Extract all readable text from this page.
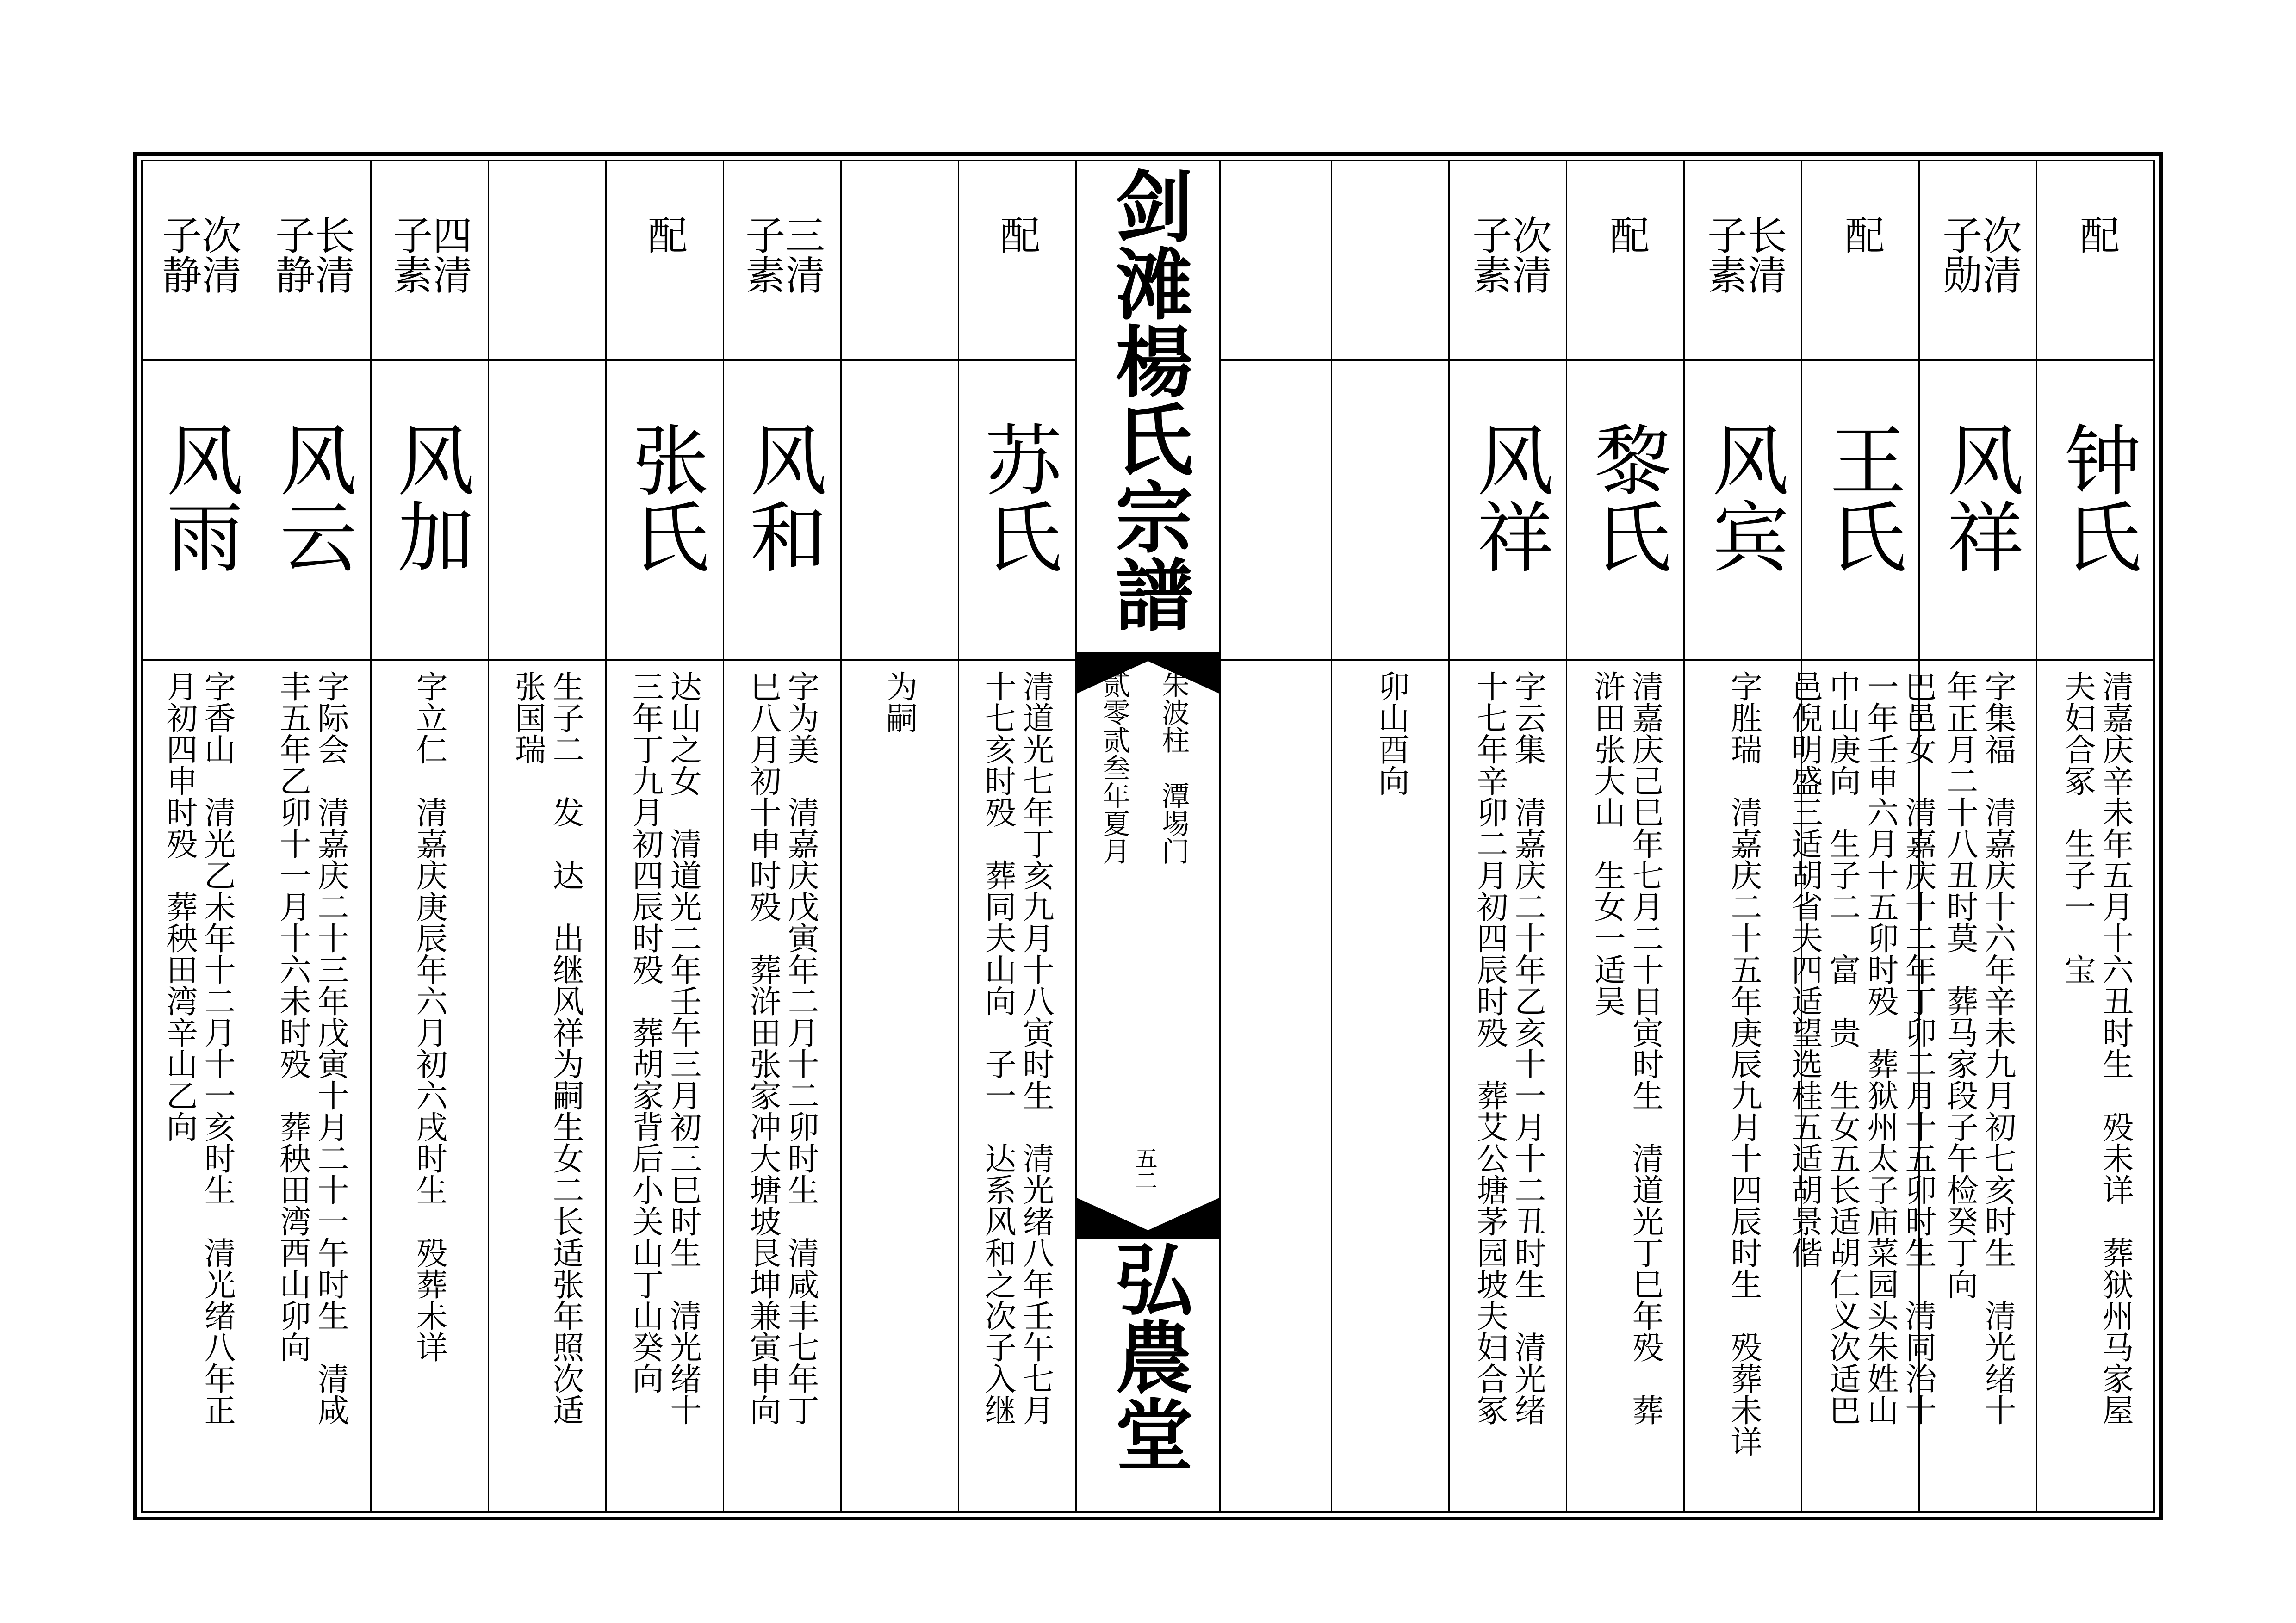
配
钟氏
清嘉庆辛未年五月十六丑时生　殁未详　葬狱州马家屋
夫妇合冢　生子一　宝
次清 子勋
风祥
字集福　清嘉庆十六年辛未九月初七亥时生　清光绪十
年正月二十八丑时莫　葬马家段子午检癸丁向
配
王氏
巴邑女　清嘉庆十二年丁卯二月十五卯时生　清同治十
一年壬申六月十五卯时殁　葬狱州太子庙菜园头朱姓山
中山庚向　生子二　富　贵　生女五长适胡仁义次适巴
邑倪明盛三适胡省夫四适望选桂五适胡景偕
长清 子素
风宾
字胜瑞　清嘉庆二十五年庚辰九月十四辰时生　殁葬未详
配
黎氏
清嘉庆己巳年七月二十日寅时生　清道光丁巳年殁　葬
浒田张大山　生女一适吴
次清 子素
风祥
字云集　清嘉庆二十年乙亥十一月十二丑时生　清光绪
十七年辛卯二月初四辰时殁　葬艾公塘茅园坡夫妇合冢
卯山酉向
剑滩楊氏宗譜
朱波柱　潭埸门
贰零贰叁年夏月
五二
弘農堂
配
苏氏
清道光七年丁亥九月十八寅时生　清光绪八年壬午七月
十七亥时殁　葬同夫山向　子一　达系风和之次子入继
为嗣
三清 子素
风和
字为美　清嘉庆戊寅年二月十二卯时生　清咸丰七年丁
巳八月初十申时殁　葬浒田张家冲大塘坡艮坤兼寅申向
配
张氏
达山之女　清道光二年壬午三月初三巳时生　清光绪十
三年丁九月初四辰时殁　葬胡家背后小关山丁山癸向
生子二　发　达　出继风祥为嗣生女二长适张年照次适
张国瑞
四清 子素
风加
字立仁　清嘉庆庚辰年六月初六戌时生　殁葬未详
长清 子静
风云
字际会　清嘉庆二十三年戊寅十月二十一午时生　清咸
丰五年乙卯十一月十六未时殁　葬秧田湾酉山卯向
次清 子静
风雨
字香山　清光乙未年十二月十一亥时生　清光绪八年正
月初四申时殁　葬秧田湾辛山乙向
